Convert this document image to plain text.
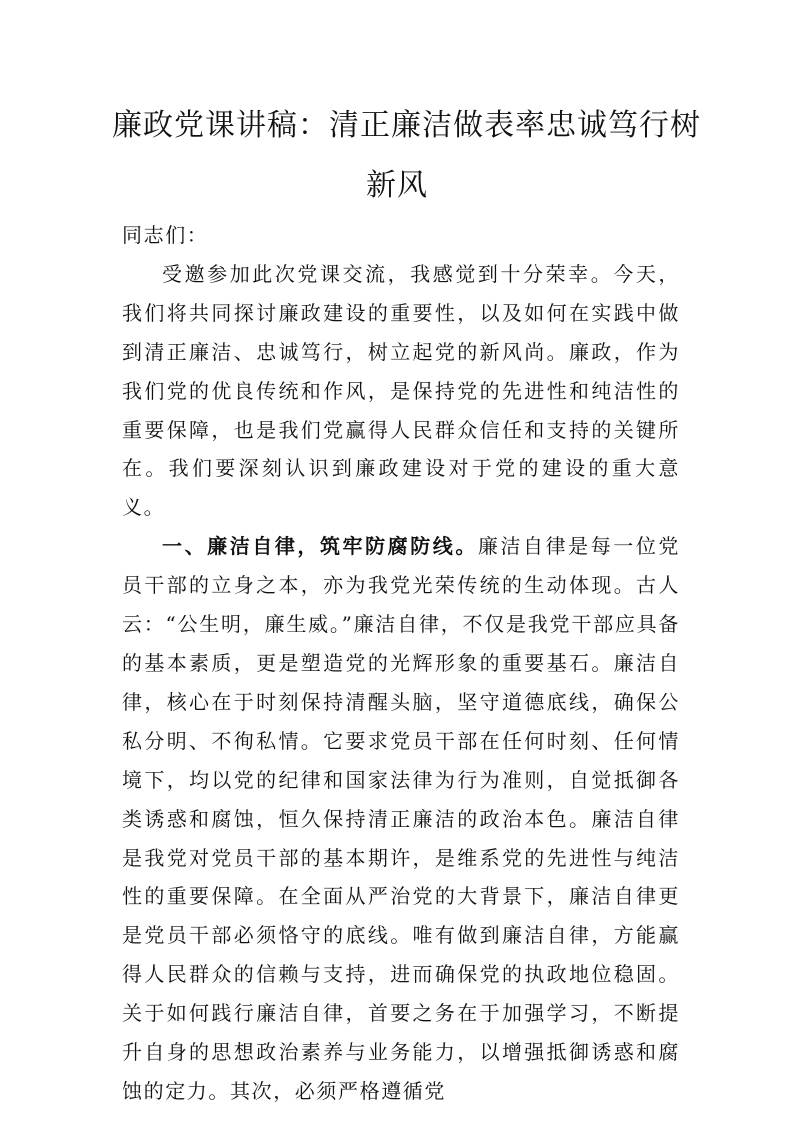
廉政党课讲稿：清正廉洁做表率忠诚笃行树
新风

同志们：

受邀参加此次党课交流，我感觉到十分荣幸。今天，我们将共同探讨廉政建设的重要性，以及如何在实践中做到清正廉洁、忠诚笃行，树立起党的新风尚。廉政，作为我们党的优良传统和作风，是保持党的先进性和纯洁性的重要保障，也是我们党赢得人民群众信任和支持的关键所在。我们要深刻认识到廉政建设对于党的建设的重大意义。

一、廉洁自律，筑牢防腐防线。廉洁自律是每一位党员干部的立身之本，亦为我党光荣传统的生动体现。古人云：“公生明，廉生威。”廉洁自律，不仅是我党干部应具备的基本素质，更是塑造党的光辉形象的重要基石。廉洁自律，核心在于时刻保持清醒头脑，坚守道德底线，确保公私分明、不徇私情。它要求党员干部在任何时刻、任何情境下，均以党的纪律和国家法律为行为准则，自觉抵御各类诱惑和腐蚀，恒久保持清正廉洁的政治本色。廉洁自律是我党对党员干部的基本期许，是维系党的先进性与纯洁性的重要保障。在全面从严治党的大背景下，廉洁自律更是党员干部必须恪守的底线。唯有做到廉洁自律，方能赢得人民群众的信赖与支持，进而确保党的执政地位稳固。关于如何践行廉洁自律，首要之务在于加强学习，不断提升自身的思想政治素养与业务能力，以增强抵御诱惑和腐蚀的定力。其次，必须严格遵循党
